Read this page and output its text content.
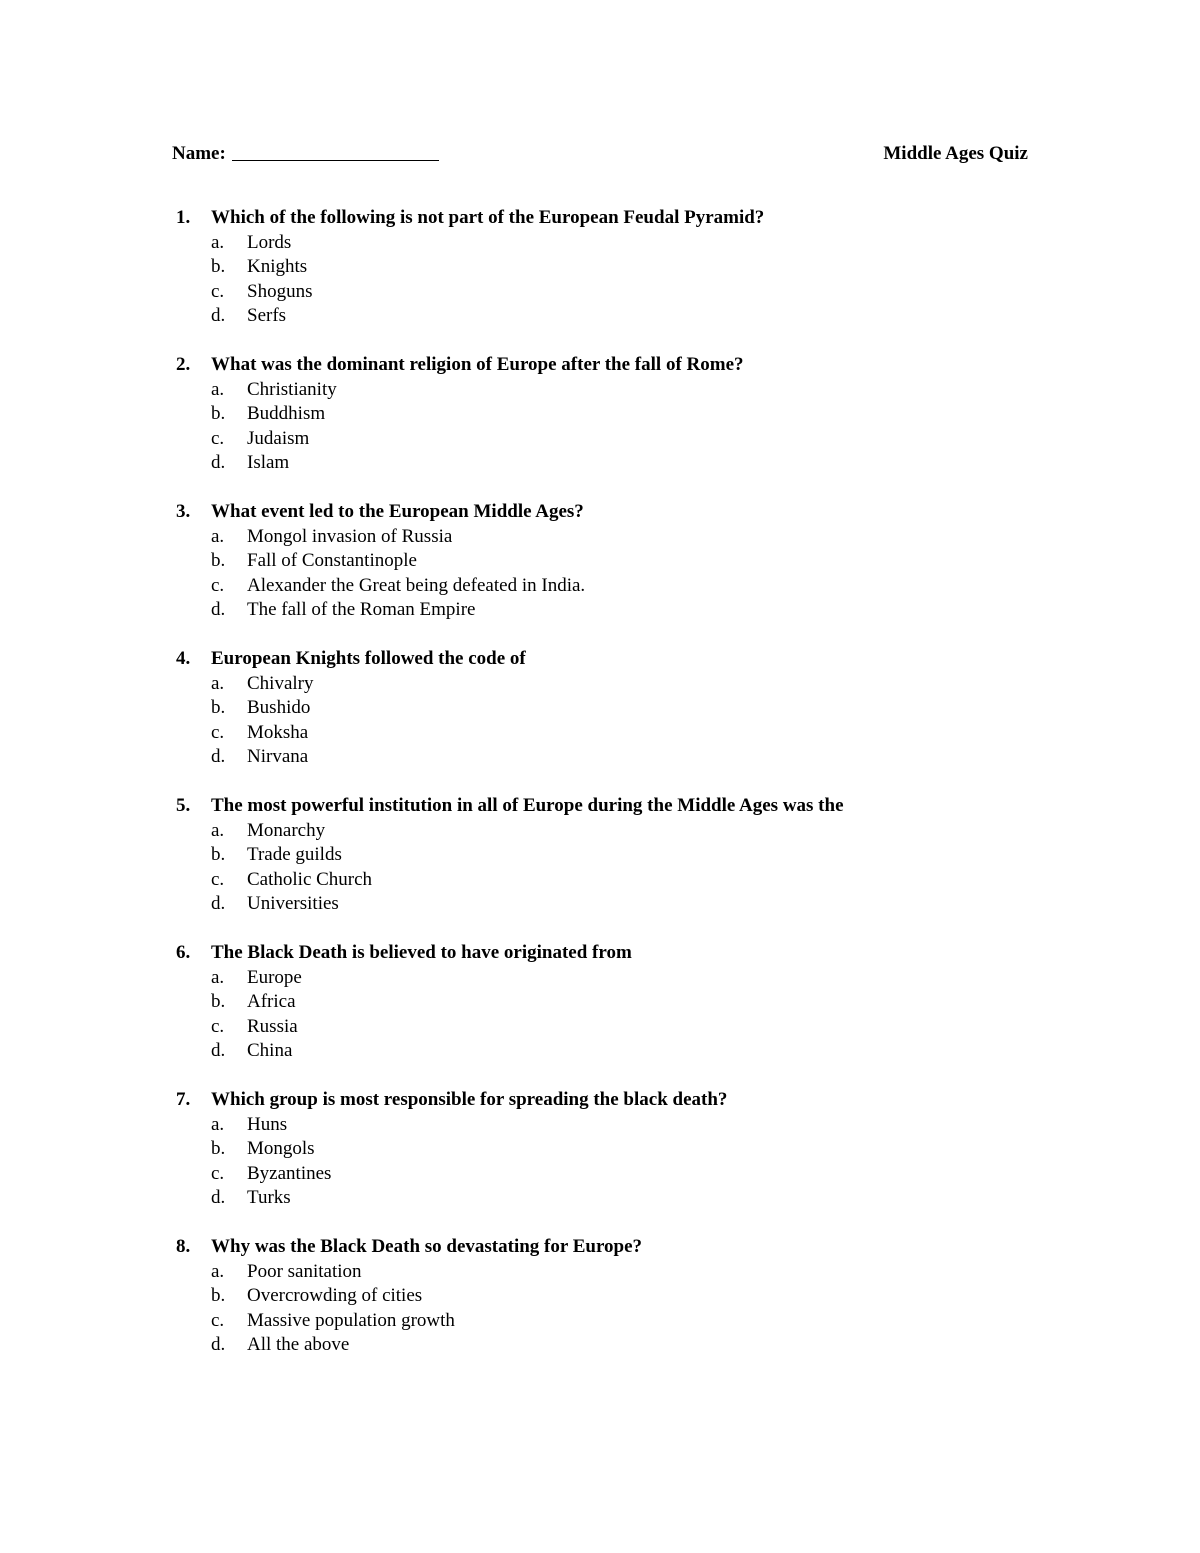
Name:	Middle Ages Quiz
1. Which of the following is not part of the European Feudal Pyramid?
a. Lords
b. Knights
c. Shoguns
d. Serfs
2. What was the dominant religion of Europe after the fall of Rome?
a. Christianity
b. Buddhism
c. Judaism
d. Islam
3. What event led to the European Middle Ages?
a. Mongol invasion of Russia
b. Fall of Constantinople
c. Alexander the Great being defeated in India.
d. The fall of the Roman Empire
4. European Knights followed the code of
a. Chivalry
b. Bushido
c. Moksha
d. Nirvana
5. The most powerful institution in all of Europe during the Middle Ages was the
a. Monarchy
b. Trade guilds
c. Catholic Church
d. Universities
6. The Black Death is believed to have originated from
a. Europe
b. Africa
c. Russia
d. China
7. Which group is most responsible for spreading the black death?
a. Huns
b. Mongols
c. Byzantines
d. Turks
8. Why was the Black Death so devastating for Europe?
a. Poor sanitation
b. Overcrowding of cities
c. Massive population growth
d. All the above
